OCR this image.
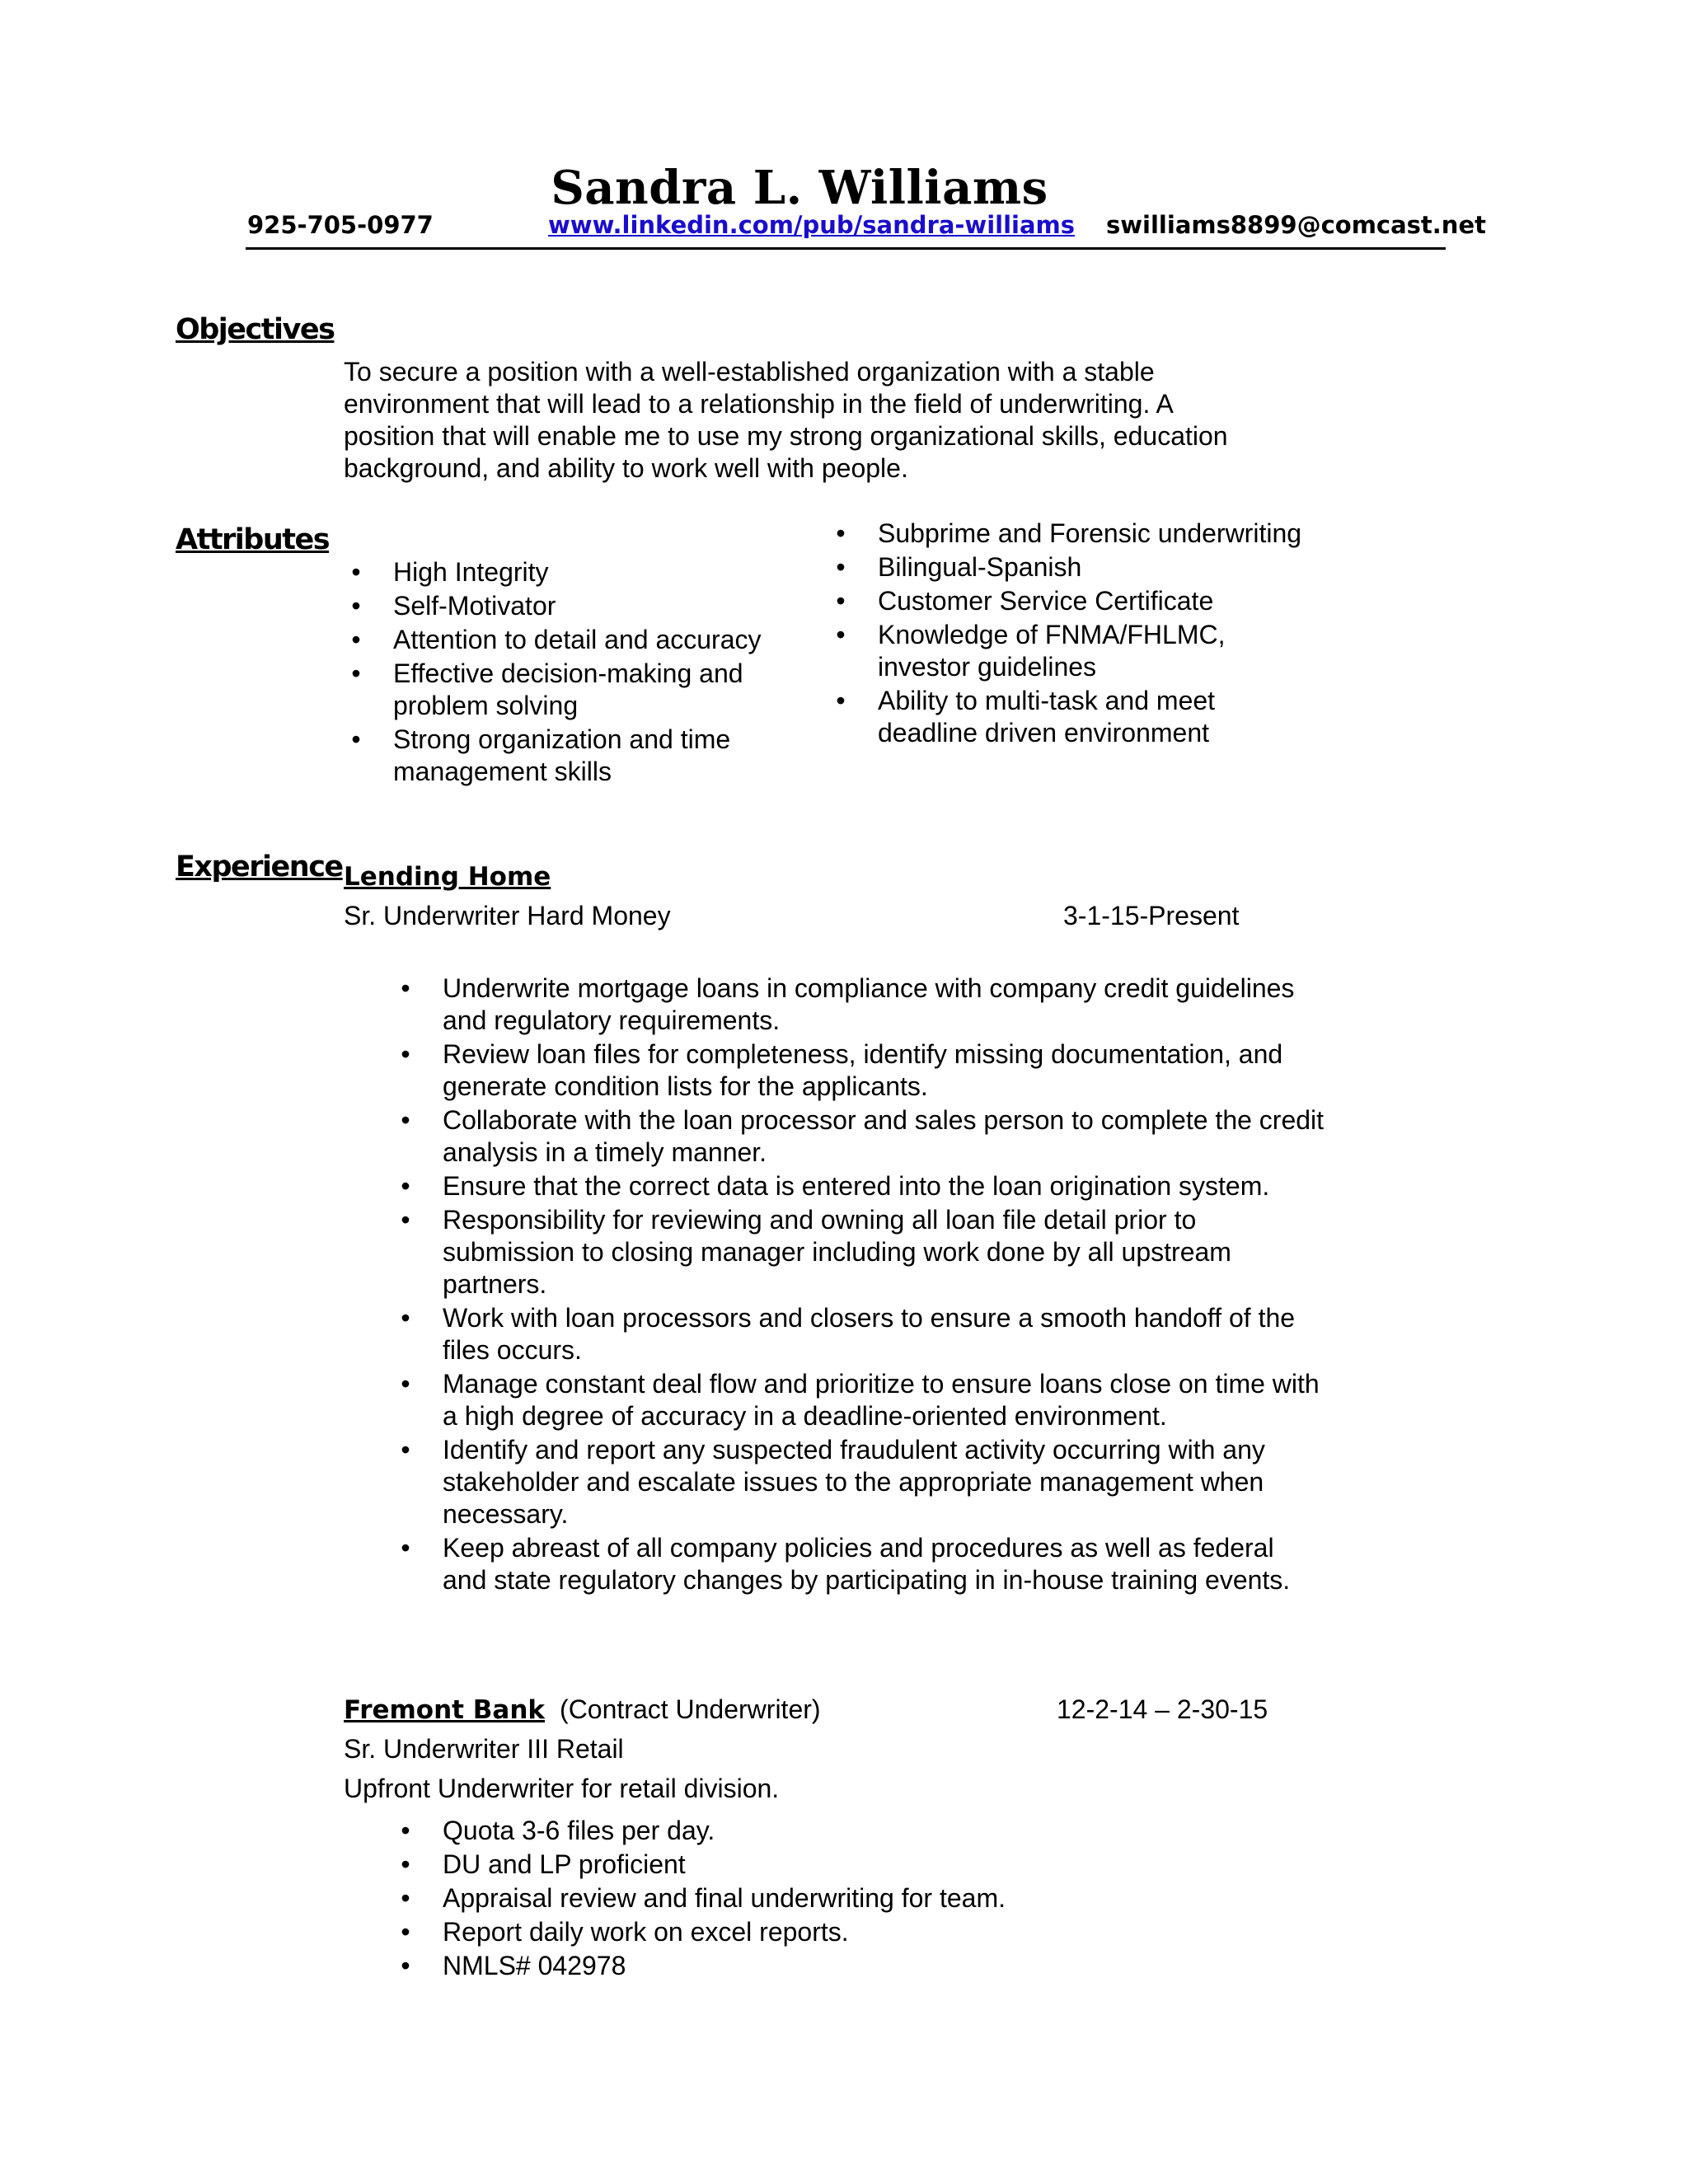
Sandra L. Williams
925-705-0977	www.linkedin.com/pub/sandra-williams swilliams8899@comcast.net
Objectives
To secure a position with a well-established organization with a stable
environment that will lead to a relationship in the field of underwriting. A
position that will enable me to use my strong organizational skills, education
background, and ability to work well with people.
Attributes
• High Integrity
• Self-Motivator
• Attention to detail and accuracy
• Effective decision-making and problem solving
• Strong organization and time management skills
• Subprime and Forensic underwriting
• Bilingual-Spanish
• Customer Service Certificate
• Knowledge of FNMA/FHLMC, investor guidelines
• Ability to multi-task and meet deadline driven environment
Experience Lending Home
Sr. Underwriter Hard Money	3-1-15-Present
• Underwrite mortgage loans in compliance with company credit guidelines and regulatory requirements.
• Review loan files for completeness, identify missing documentation, and generate condition lists for the applicants.
• Collaborate with the loan processor and sales person to complete the credit analysis in a timely manner.
• Ensure that the correct data is entered into the loan origination system.
• Responsibility for reviewing and owning all loan file detail prior to submission to closing manager including work done by all upstream partners.
• Work with loan processors and closers to ensure a smooth handoff of the files occurs.
• Manage constant deal flow and prioritize to ensure loans close on time with a high degree of accuracy in a deadline-oriented environment.
• Identify and report any suspected fraudulent activity occurring with any stakeholder and escalate issues to the appropriate management when necessary.
• Keep abreast of all company policies and procedures as well as federal and state regulatory changes by participating in in-house training events.
Fremont Bank (Contract Underwriter)	12-2-14 – 2-30-15
Sr. Underwriter III Retail
Upfront Underwriter for retail division.
• Quota 3-6 files per day.
• DU and LP proficient
• Appraisal review and final underwriting for team.
• Report daily work on excel reports.
• NMLS# 042978
